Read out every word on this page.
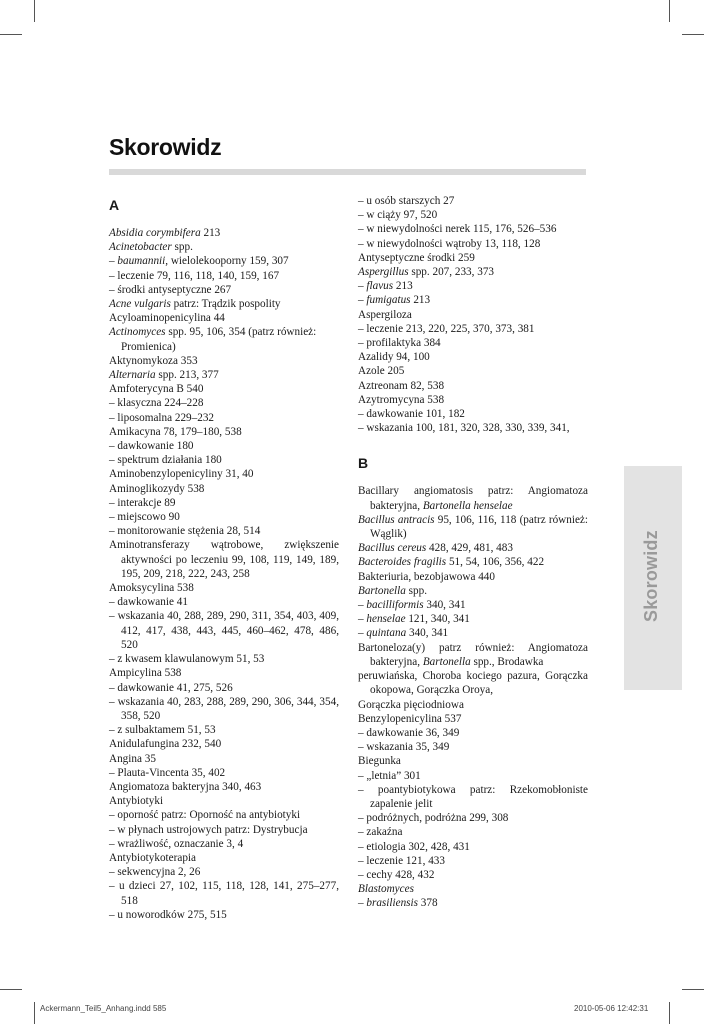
Skorowidz
A
Absidia corymbifera 213
Acinetobacter spp.
– baumannii, wielolekooporny 159, 307
– leczenie 79, 116, 118, 140, 159, 167
– środki antyseptyczne 267
Acne vulgaris patrz: Trądzik pospolity
Acyloaminopenicylina 44
Actinomyces spp. 95, 106, 354 (patrz również:
Promienica)
Aktynomykoza 353
Alternaria spp. 213, 377
Amfoterycyna B 540
– klasyczna 224–228
– liposomalna 229–232
Amikacyna 78, 179–180, 538
– dawkowanie 180
– spektrum działania 180
Aminobenzylopenicyliny 31, 40
Aminoglikozydy 538
– interakcje 89
– miejscowo 90
– monitorowanie stężenia 28, 514
Aminotransferazy wątrobowe, zwiększenie aktywności po leczeniu 99, 108, 119, 149, 189, 195, 209, 218, 222, 243, 258
Amoksycylina 538
– dawkowanie 41
– wskazania 40, 288, 289, 290, 311, 354, 403, 409, 412, 417, 438, 443, 445, 460–462, 478, 486, 520
– z kwasem klawulanowym 51, 53
Ampicylina 538
– dawkowanie 41, 275, 526
– wskazania 40, 283, 288, 289, 290, 306, 344, 354, 358, 520
– z sulbaktamem 51, 53
Anidulafungina 232, 540
Angina 35
– Plauta-Vincenta 35, 402
Angiomatoza bakteryjna 340, 463
Antybiotyki
– oporność patrz: Oporność na antybiotyki
– w płynach ustrojowych patrz: Dystrybucja
– wrażliwość, oznaczanie 3, 4
Antybiotykoterapia
– sekwencyjna 2, 26
– u dzieci 27, 102, 115, 118, 128, 141, 275–277, 518
– u noworodków 275, 515
– u osób starszych 27
– w ciąży 97, 520
– w niewydolności nerek 115, 176, 526–536
– w niewydolności wątroby 13, 118, 128
Antyseptyczne środki 259
Aspergillus spp. 207, 233, 373
– flavus 213
– fumigatus 213
Aspergiloza
– leczenie 213, 220, 225, 370, 373, 381
– profilaktyka 384
Azalidy 94, 100
Azole 205
Aztreonam 82, 538
Azytromycyna 538
– dawkowanie 101, 182
– wskazania 100, 181, 320, 328, 330, 339, 341,
B
Bacillary angiomatosis patrz: Angiomatoza bakteryjna, Bartonella henselae
Bacillus antracis 95, 106, 116, 118 (patrz również: Wąglik)
Bacillus cereus 428, 429, 481, 483
Bacteroides fragilis 51, 54, 106, 356, 422
Bakteriuria, bezobjawowa 440
Bartonella spp.
– bacilliformis 340, 341
– henselae 121, 340, 341
– quintana 340, 341
Bartoneloza(y) patrz również: Angiomatoza bakteryjna, Bartonella spp., Brodawka
peruwiańska, Choroba kociego pazura, Gorączka okopowa, Gorączka Oroya,
Gorączka pięciodniowa
Benzylopenicylina 537
– dawkowanie 36, 349
– wskazania 35, 349
Biegunka
– „letnia” 301
– poantybiotykowa patrz: Rzekomobłoniste zapalenie jelit
– podróżnych, podróżna 299, 308
– zakaźna
– etiologia 302, 428, 431
– leczenie 121, 433
– cechy 428, 432
Blastomyces
– brasiliensis 378
Skorowidz
Ackermann_Teil5_Anhang.indd 585	2010-05-06 12:42:31
